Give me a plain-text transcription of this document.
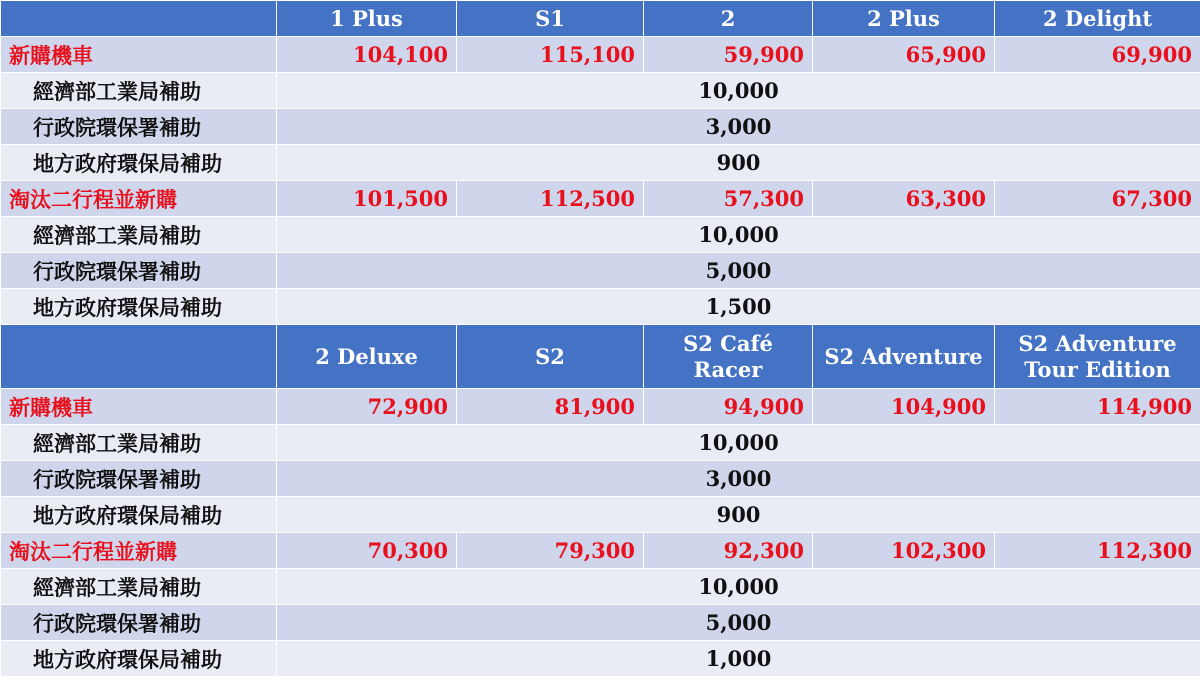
	1 Plus	S1	2	2 Plus	2 Delight
新購機車	104,100	115,100	59,900	65,900	69,900
經濟部工業局補助	10,000				
行政院環保署補助	3,000				
地方政府環保局補助	900				
淘汰二行程並新購	101,500	112,500	57,300	63,300	67,300
經濟部工業局補助	10,000				
行政院環保署補助	5,000				
地方政府環保局補助	1,500				
	2 Deluxe	S2	S2 Café Racer	S2 Adventure	S2 Adventure Tour Edition
新購機車	72,900	81,900	94,900	104,900	114,900
經濟部工業局補助	10,000				
行政院環保署補助	3,000				
地方政府環保局補助	900				
淘汰二行程並新購	70,300	79,300	92,300	102,300	112,300
經濟部工業局補助	10,000				
行政院環保署補助	5,000				
地方政府環保局補助	1,000				
